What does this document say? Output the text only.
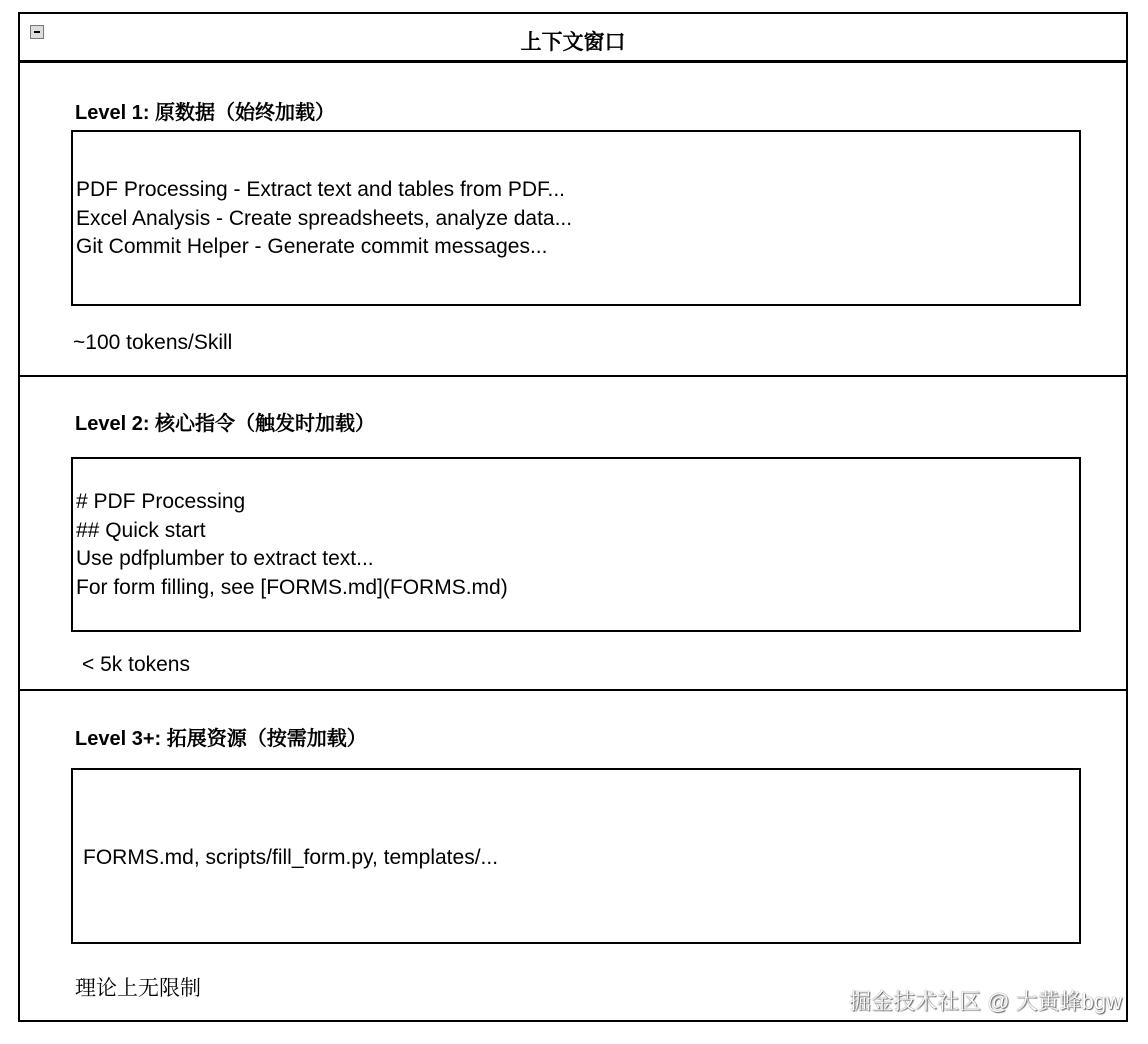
上下文窗口
Level 1: 原数据（始终加载）
PDF Processing - Extract text and tables from PDF...
Excel Analysis - Create spreadsheets, analyze data...
Git Commit Helper - Generate commit messages...
~100 tokens/Skill
Level 2: 核心指令（触发时加载）
# PDF Processing
## Quick start
Use pdfplumber to extract text...
For form filling, see [FORMS.md](FORMS.md)
< 5k tokens
Level 3+: 拓展资源（按需加载）
FORMS.md, scripts/fill_form.py, templates/...
理论上无限制
掘金技术社区 @ 大黄蜂bgw
